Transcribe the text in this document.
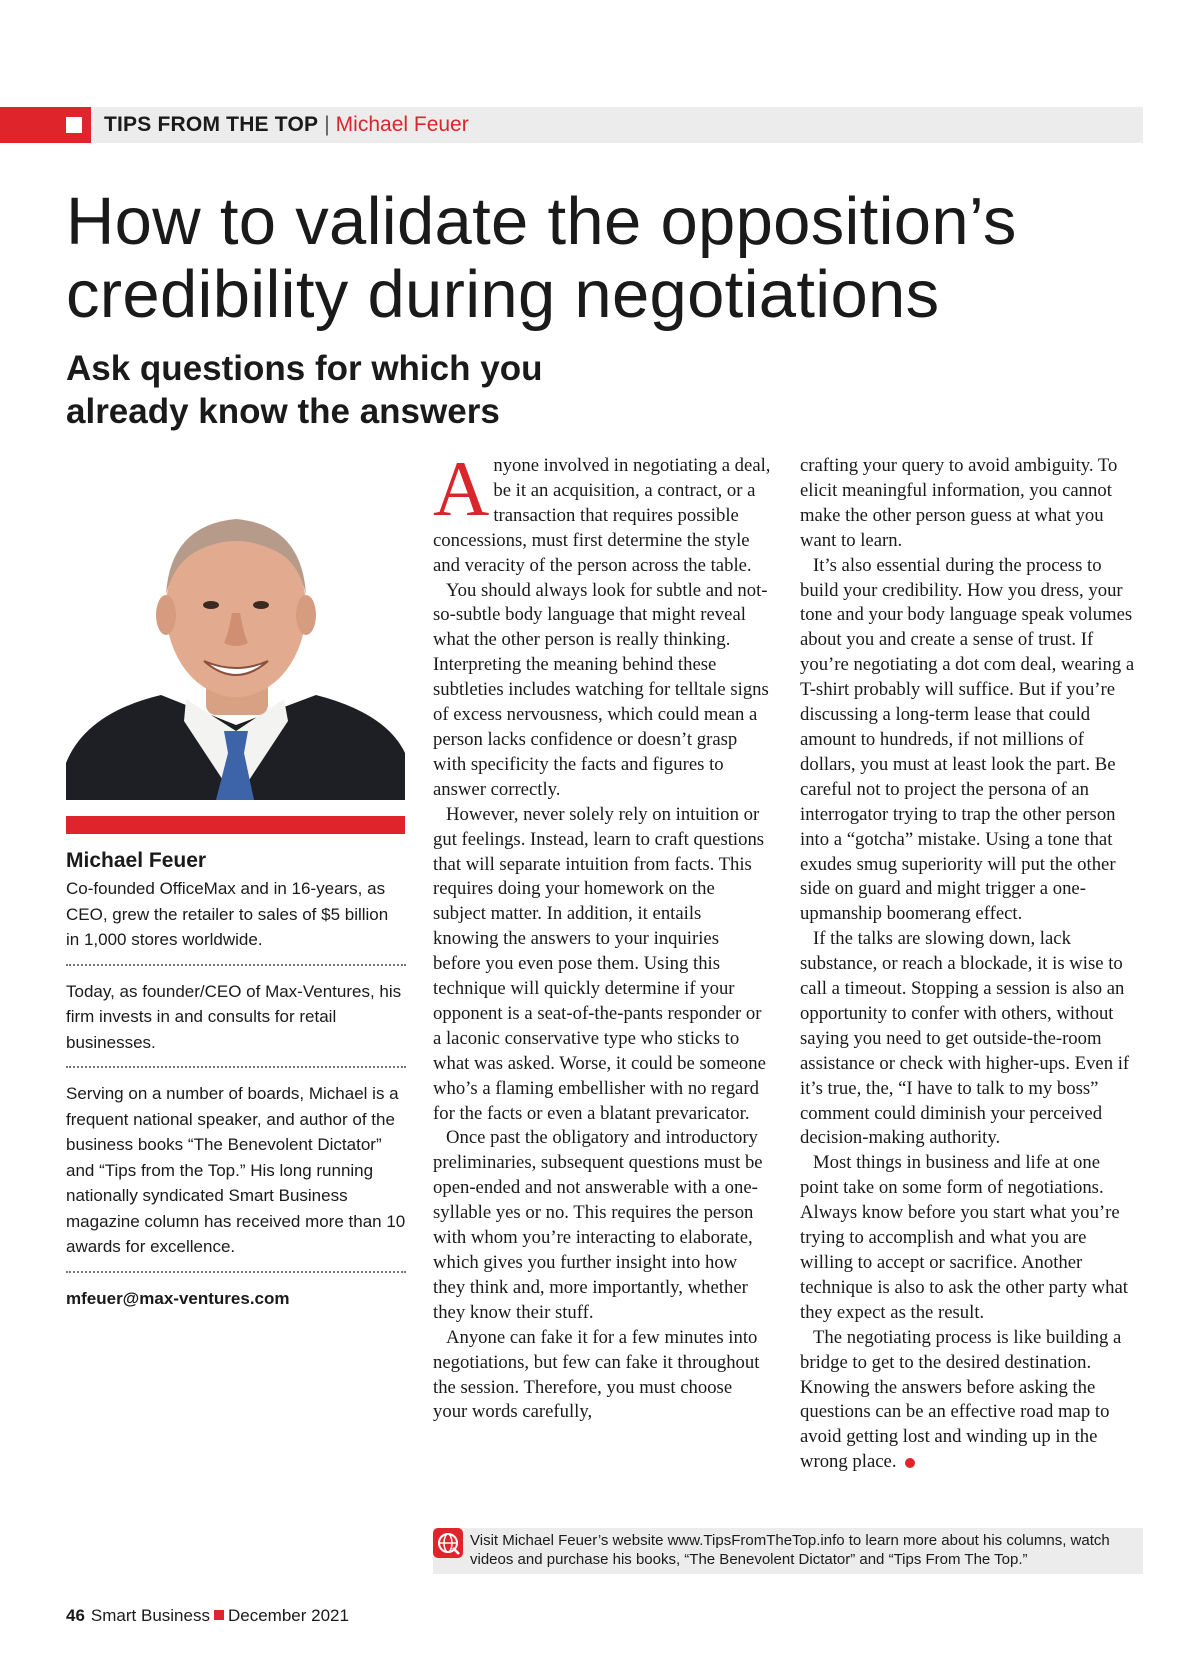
TIPS FROM THE TOP | Michael Feuer
How to validate the opposition’s credibility during negotiations
Ask questions for which you already know the answers
Michael Feuer

Co-founded OfficeMax and in 16-years, as CEO, grew the retailer to sales of $5 billion in 1,000 stores worldwide.

Today, as founder/CEO of Max-Ventures, his firm invests in and consults for retail businesses.

Serving on a number of boards, Michael is a frequent national speaker, and author of the business books “The Benevolent Dictator” and “Tips from the Top.” His long running nationally syndicated Smart Business magazine column has received more than 10 awards for excellence.

mfeuer@max-ventures.com

Anyone involved in negotiating a deal, be it an acquisition, a contract, or a transaction that requires possible concessions, must first determine the style and veracity of the person across the table.

You should always look for subtle and not-so-subtle body language that might reveal what the other person is really thinking. Interpreting the meaning behind these subtleties includes watching for telltale signs of excess nervousness, which could mean a person lacks confidence or doesn’t grasp with specificity the facts and figures to answer correctly.

However, never solely rely on intuition or gut feelings. Instead, learn to craft questions that will separate intuition from facts. This requires doing your homework on the subject matter. In addition, it entails knowing the answers to your inquiries before you even pose them. Using this technique will quickly determine if your opponent is a seat-of-the-pants responder or a laconic conservative type who sticks to what was asked. Worse, it could be someone who’s a flaming embellisher with no regard for the facts or even a blatant prevaricator.

Once past the obligatory and introductory preliminaries, subsequent questions must be open-ended and not answerable with a one-syllable yes or no. This requires the person with whom you’re interacting to elaborate, which gives you further insight into how they think and, more importantly, whether they know their stuff.

Anyone can fake it for a few minutes into negotiations, but few can fake it throughout the session. Therefore, you must choose your words carefully,

crafting your query to avoid ambiguity. To elicit meaningful information, you cannot make the other person guess at what you want to learn.

It’s also essential during the process to build your credibility. How you dress, your tone and your body language speak volumes about you and create a sense of trust. If you’re negotiating a dot com deal, wearing a T-shirt probably will suffice. But if you’re discussing a long-term lease that could amount to hundreds, if not millions of dollars, you must at least look the part. Be careful not to project the persona of an interrogator trying to trap the other person into a “gotcha” mistake. Using a tone that exudes smug superiority will put the other side on guard and might trigger a one-upmanship boomerang effect.

If the talks are slowing down, lack substance, or reach a blockade, it is wise to call a timeout. Stopping a session is also an opportunity to confer with others, without saying you need to get outside-the-room assistance or check with higher-ups. Even if it’s true, the, “I have to talk to my boss” comment could diminish your perceived decision-making authority.

Most things in business and life at one point take on some form of negotiations. Always know before you start what you’re trying to accomplish and what you are willing to accept or sacrifice. Another technique is also to ask the other party what they expect as the result.

The negotiating process is like building a bridge to get to the desired destination. Knowing the answers before asking the questions can be an effective road map to avoid getting lost and winding up in the wrong place.

Visit Michael Feuer’s website www.TipsFromTheTop.info to learn more about his columns, watch videos and purchase his books, “The Benevolent Dictator” and “Tips From The Top.”
46 Smart Business December 2021
